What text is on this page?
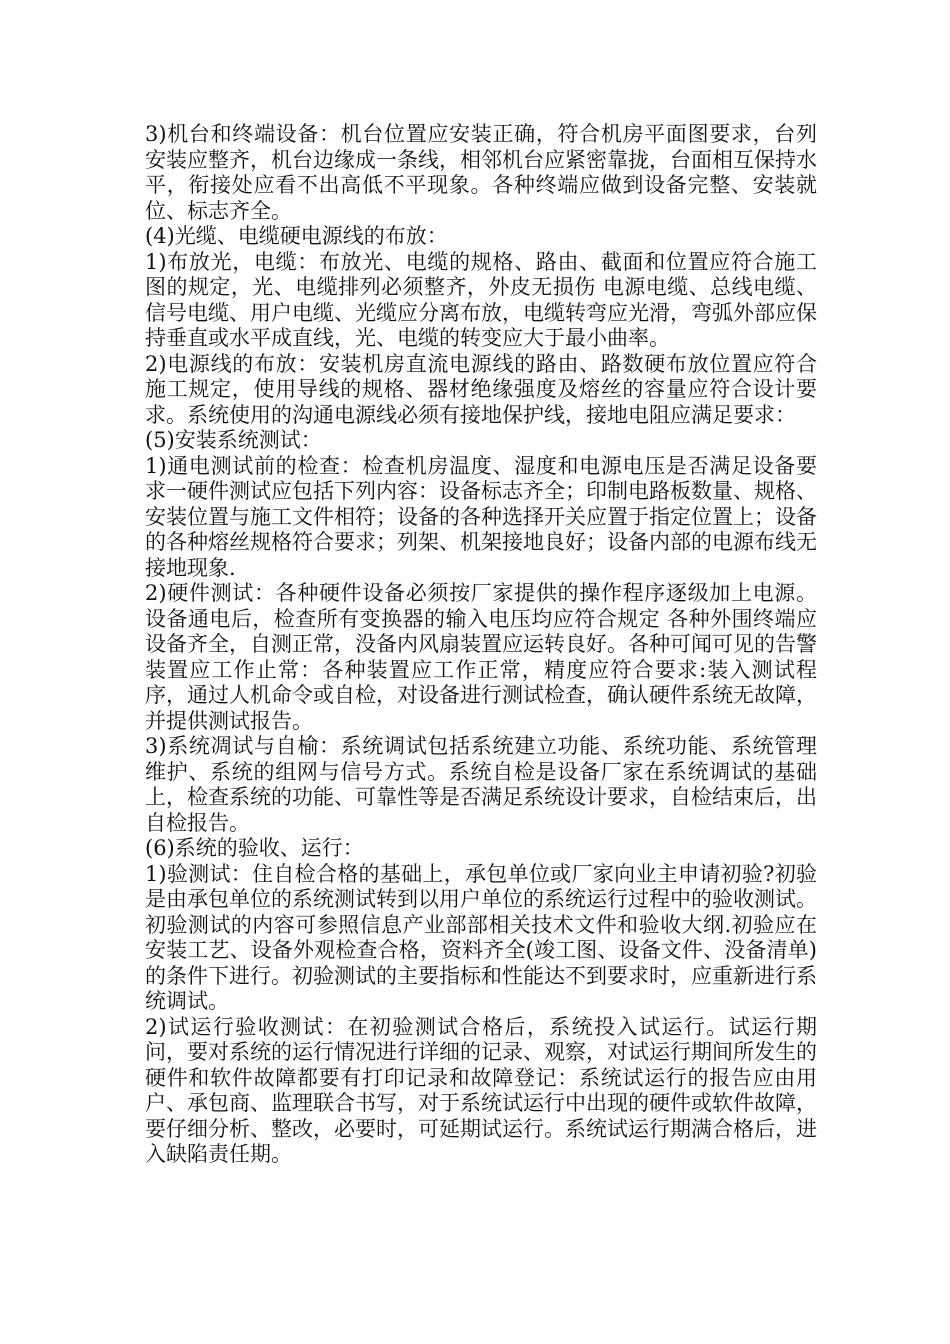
3)机台和终端设备：机台位置应安装正确，符合机房平面图要求，台列安装应整齐，机台边缘成一条线，相邻机台应紧密靠拢，台面相互保持水平，衔接处应看不出高低不平现象。各种终端应做到设备完整、安装就位、标志齐全。

(4)光缆、电缆硬电源线的布放：

1)布放光，电缆：布放光、电缆的规格、路由、截面和位置应符合施工图的规定，光、电缆排列必须整齐，外皮无损伤 电源电缆、总线电缆、信号电缆、用户电缆、光缆应分离布放，电缆转弯应光滑，弯弧外部应保持垂直或水平成直线，光、电缆的转变应大于最小曲率。

2)电源线的布放：安装机房直流电源线的路由、路数硬布放位置应符合施工规定，使用导线的规格、器材绝缘强度及熔丝的容量应符合设计要求。系统使用的沟通电源线必须有接地保护线，接地电阻应满足要求：

(5)安装系统测试：

1)通电测试前的检查：检查机房温度、湿度和电源电压是否满足设备要求一硬件测试应包括下列内容：设备标志齐全；印制电路板数量、规格、安装位置与施工文件相符；设备的各种选择开关应置于指定位置上；设备的各种熔丝规格符合要求；列架、机架接地良好；设备内部的电源布线无接地现象.

2)硬件测试：各种硬件设备必须按厂家提供的操作程序逐级加上电源。设备通电后，检查所有变换器的输入电压均应符合规定 各种外围终端应设备齐全，自测正常，没备内风扇装置应运转良好。各种可闻可见的告警装置应工作止常：各种装置应工作正常，精度应符合要求:装入测试程序，通过人机命令或自检，对设备进行测试检查，确认硬件系统无故障，并提供测试报告。

3)系统凋试与自榆：系统调试包括系统建立功能、系统功能、系统管理维护、系统的组网与信号方式。系统自检是设备厂家在系统调试的基础上，检查系统的功能、可靠性等是否满足系统设计要求，自检结束后，出自检报告。

(6)系统的验收、运行：

1)验测试：住自检合格的基础上，承包单位或厂家向业主申请初验?初验是由承包单位的系统测试转到以用户单位的系统运行过程中的验收测试。初验测试的内容可参照信息产业部部相关技术文件和验收大纲.初验应在安装工艺、设备外观检查合格，资料齐全(竣工图、设备文件、没备清单)的条件下进行。初验测试的主要指标和性能达不到要求时，应重新进行系统调试。

2)试运行验收测试：在初验测试合格后，系统投入试运行。试运行期问，要对系统的运行情况进行详细的记录、观察，对试运行期间所发生的硬件和软件故障都要有打印记录和故障登记：系统试运行的报告应由用户、承包商、监理联合书写，对于系统试运行中出现的硬件或软件故障，要仔细分析、整改，必要时，可延期试运行。系统试运行期满合格后，进入缺陷责任期。
